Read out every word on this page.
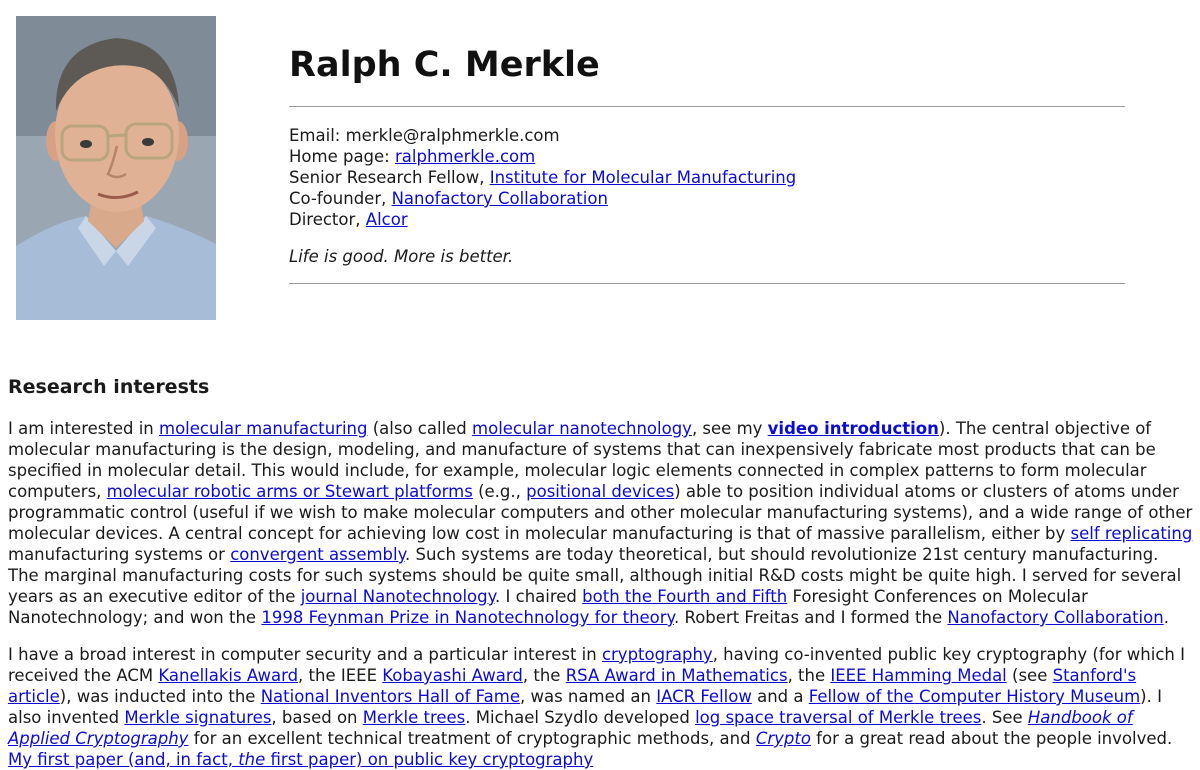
Ralph C. Merkle
Email: merkle@ralphmerkle.com
Home page: ralphmerkle.com
Senior Research Fellow, Institute for Molecular Manufacturing
Co-founder, Nanofactory Collaboration
Director, Alcor
Life is good. More is better.
Research interests

I am interested in molecular manufacturing (also called molecular nanotechnology, see my video introduction). The central objective of molecular manufacturing is the design, modeling, and manufacture of systems that can inexpensively fabricate most products that can be specified in molecular detail. This would include, for example, molecular logic elements connected in complex patterns to form molecular computers, molecular robotic arms or Stewart platforms (e.g., positional devices) able to position individual atoms or clusters of atoms under programmatic control (useful if we wish to make molecular computers and other molecular manufacturing systems), and a wide range of other molecular devices. A central concept for achieving low cost in molecular manufacturing is that of massive parallelism, either by self replicating manufacturing systems or convergent assembly. Such systems are today theoretical, but should revolutionize 21st century manufacturing. The marginal manufacturing costs for such systems should be quite small, although initial R&D costs might be quite high. I served for several years as an executive editor of the journal Nanotechnology. I chaired both the Fourth and Fifth Foresight Conferences on Molecular Nanotechnology; and won the 1998 Feynman Prize in Nanotechnology for theory. Robert Freitas and I formed the Nanofactory Collaboration.

I have a broad interest in computer security and a particular interest in cryptography, having co-invented public key cryptography (for which I received the ACM Kanellakis Award, the IEEE Kobayashi Award, the RSA Award in Mathematics, the IEEE Hamming Medal (see Stanford's article), was inducted into the National Inventors Hall of Fame, was named an IACR Fellow and a Fellow of the Computer History Museum). I also invented Merkle signatures, based on Merkle trees. Michael Szydlo developed log space traversal of Merkle trees. See Handbook of Applied Cryptography for an excellent technical treatment of cryptographic methods, and Crypto for a great read about the people involved. My first paper (and, in fact, the first paper) on public key cryptography
